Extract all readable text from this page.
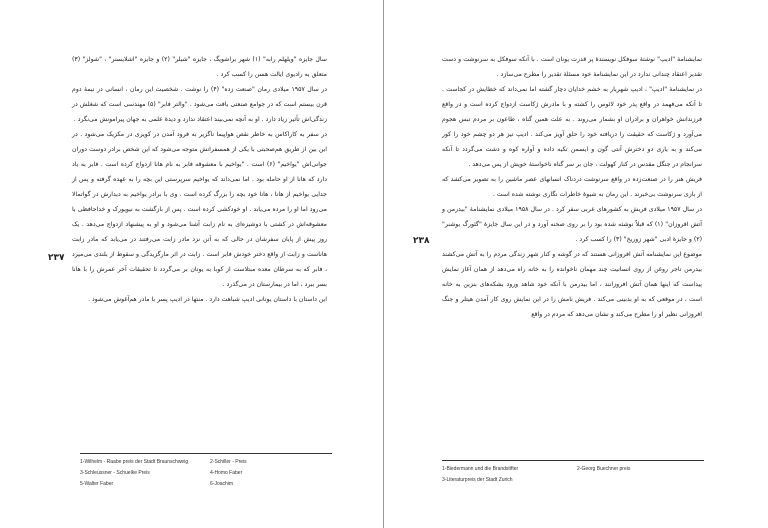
سال جایزه "ویلهلم رابه" (۱) شهر براشویگ ، جایزه "شیلر" (۲) و جایزه "اشلایسنر" ، "شولز" (۳) متعلق به رادیوی ایالت هسن را کسب کرد .

در سال ۱۹۵۷ میلادی رمان "صنعت زده" (۴) را نوشت . شخصیت این رمان ، انسانی در نیمهٔ دوم قرن بیستم است که در جوامع صنعتی یافت می‌شود . "والتر فابر" (۵) مهندسی است که شغلش در زندگی‌اش تأثیر زیاد دارد . او به آنچه نمی‌بیند اعتقاد ندارد و دیدهٔ علمی به جهان پیرامونش می‌نگرد .

در سفر به کاراکاس به خاطر نقص هواپیما ناگزیر به فرود آمدن در کویری در مکزیک می‌شود . در این بین از طریق هم‌صحبتی با یکی از همسفرانش متوجه می‌شود که این شخص برادر دوست دوران جوانی‌اش "یواخیم" (۶) است . "یواخیم با معشوقه فابر به نام هانا ازدواج کرده است . فابر به یاد دارد که هانا از او حامله بود . اما نمی‌داند که یواخیم سرپرستی این بچه را به عهده گرفته و پس از جدایی یواخیم از هانا ، هانا خود بچه را بزرگ کرده است . وی با برادر یواخیم به دیدارش در گواتمالا می‌رود اما او را مرده می‌یابد . او خودکشی کرده است . پس از بازگشت به نیویورک و خداحافظی با معشوقه‌اش در کشتی با دوشیزه‌ای به نام زابت آشنا می‌شود و او به پیشنهاد ازدواج می‌دهد . یک روز پیش از پایان سفرشان در حالی که به آتن نزد مادر زابت می‌رفتند در می‌یابد که مادر زابت هاناست و زابت از واقع دختر خودش فابر است . زابت در اثر مارگزیدگی و سقوط از بلندی می‌میرد ، فابر که به سرطان معده مبتلاست از کوبا به یونان بر می‌گردد تا تحقیقات آخر عمرش را با هانا بسر ببرد ، اما در بیمارستان در می‌گذرد .

این داستان با داستان یونانی ادیپ شباهت دارد . منتها در ادیپ پسر با مادر هم‌آغوش می‌شود .

۲۳۷
1-Wilhelm - Raabe preis der Stadt Braunschweig	2-Schiller - Preis
3-Schleussner - Schuelke Preis	4-Homo Faber
5-Walter Faber	6-Joachim

نمایشنامهٔ "ادیپ" نوشتهٔ سوفکل نویسندهٔ پر قدرت یونان است . با آنکه سوفکل به سرنوشت و دست تقدیر اعتقاد چندانی ندارد در این نمایشنامهٔ خود مسئلهٔ تقدیر را مطرح می‌سازد .

در نمایشنامهٔ "ادیپ" ، ادیپ شهریار به خشم خدایان دچار گشته اما نمی‌داند که خطایش در کجاست . تا آنکه می‌فهمد در واقع پدر خود لائوس را کشته و با مادرش ژکاست ازدواج کرده است و در واقع فرزندانش خواهران و برادران او بشمار می‌روند . به علت همین گناه ، طاعون بر مردم تبس هجوم می‌آورد و ژکاست که حقیقت را دریافته خود را حلق آویز می‌کند . ادیپ نیز هر دو چشم خود را کور می‌کند و به یاری دو دخترش آنتی گون و ایسمن تکیه داده و آواره کوه و دشت می‌گردد تا آنکه سرانجام در جنگل مقدس در کنار کهولت ، جان بر سر گناه ناخواستهٔ خویش از پس می‌دهد .

فریش هنر را در صنعت‌زده در واقع سرنوشت دردناک انسانهای عصر ماشین را به تصویر می‌کشد که از بازی سرنوشت بی‌خبرند . این رمان به شیوهٔ خاطرات نگاری نوشته شده است .

در سال ۱۹۵۷ میلادی فریش به کشورهای عربی سفر کرد . در سال ۱۹۵۸ میلادی نمایشنامهٔ "بیدرمن و آتش افروزان" (۱) که قبلاً نوشته شده بود را بر روی صحنه آورد و در این سال جایزهٔ "گئورگ بوشنر" (۲) و جایزهٔ ادبی "شهر زوریخ" (۳) را کسب کرد .

موضوع این نمایشنامه آتش افروزانی هستند که در گوشه و کنار شهر زندگی مردم را به آتش می‌کشند بیدرمن تاجر روغن از روی انسانیت چند مهمان ناخوانده را به خانه راه می‌دهد از همان آغاز نمایش پیداست که اینها همان آتش افروزانند ، اما بیدرمن با آنکه خود شاهد ورود بشکه‌های بنزین به خانه است ، در موقعی که به او بدبینی می‌کند . فریش نامش را در این نمایش روی کار آمدن هیتلر و جنگ افروزانی نظیر او را مطرح می‌کند و نشان می‌دهد که مردم در واقع

۲۳۸
1-Biedermann und die Brandstifter	2-Georg Buechner preis
3-Literaturpreis der Stadt Zurich
